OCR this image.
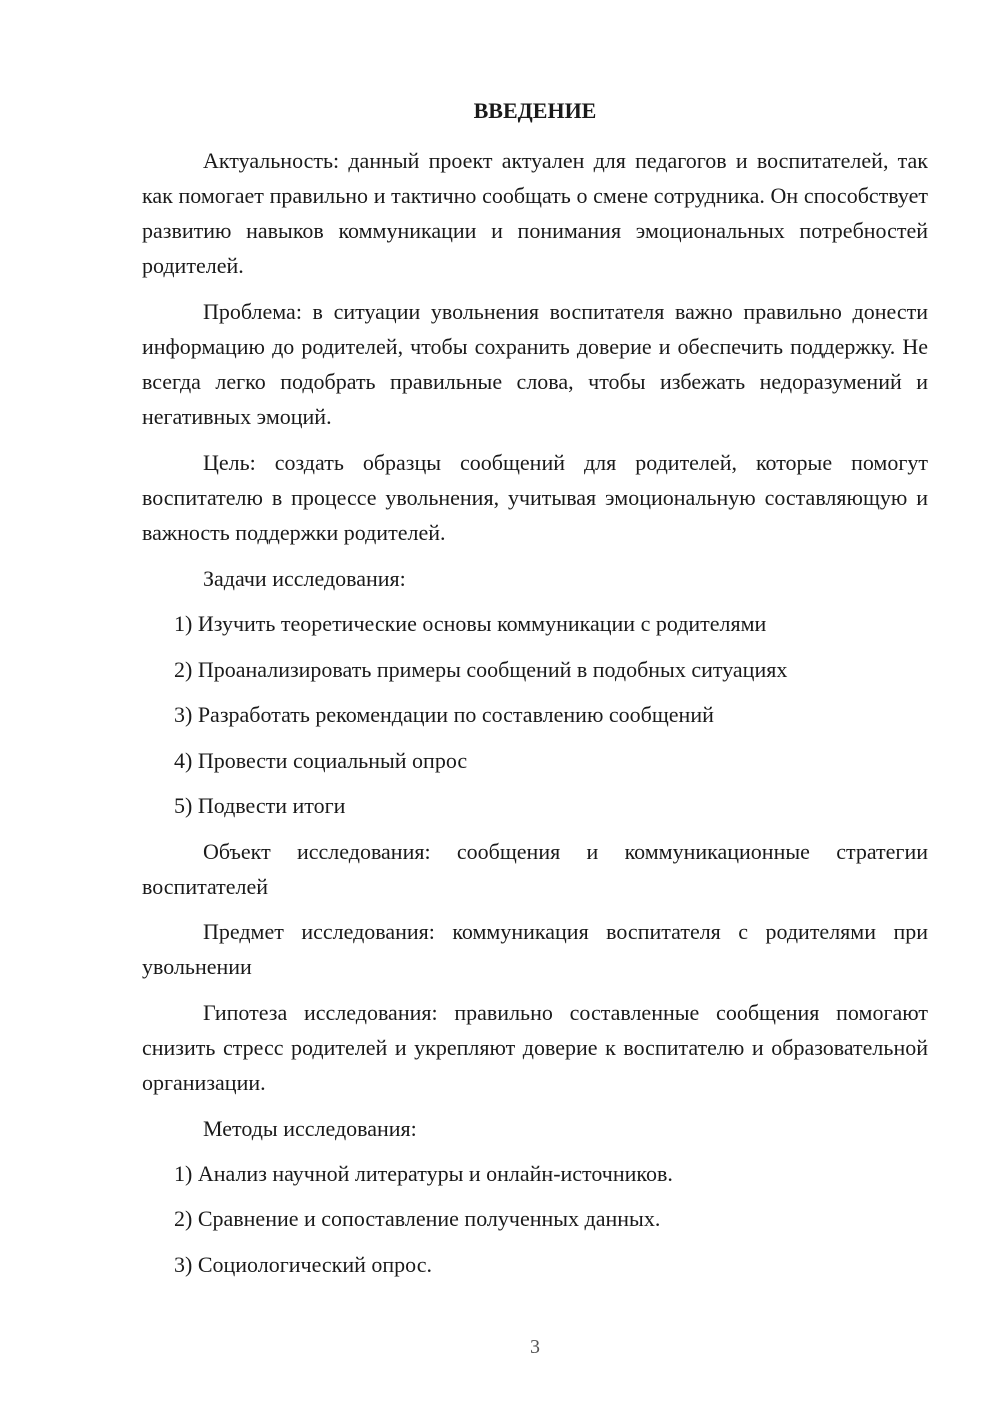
ВВЕДЕНИЕ

Актуальность: данный проект актуален для педагогов и воспитателей, так как помогает правильно и тактично сообщать о смене сотрудника. Он способствует развитию навыков коммуникации и понимания эмоциональных потребностей родителей.

Проблема: в ситуации увольнения воспитателя важно правильно донести информацию до родителей, чтобы сохранить доверие и обеспечить поддержку. Не всегда легко подобрать правильные слова, чтобы избежать недоразумений и негативных эмоций.

Цель: создать образцы сообщений для родителей, которые помогут воспитателю в процессе увольнения, учитывая эмоциональную составляющую и важность поддержки родителей.

Задачи исследования:

1) Изучить теоретические основы коммуникации с родителями

2) Проанализировать примеры сообщений в подобных ситуациях

3) Разработать рекомендации по составлению сообщений

4) Провести социальный опрос

5) Подвести итоги

Объект исследования: сообщения и коммуникационные стратегии воспитателей

Предмет исследования: коммуникация воспитателя с родителями при увольнении

Гипотеза исследования: правильно составленные сообщения помогают снизить стресс родителей и укрепляют доверие к воспитателю и образовательной организации.

Методы исследования:

1) Анализ научной литературы и онлайн-источников.

2) Сравнение и сопоставление полученных данных.

3) Социологический опрос.

3
